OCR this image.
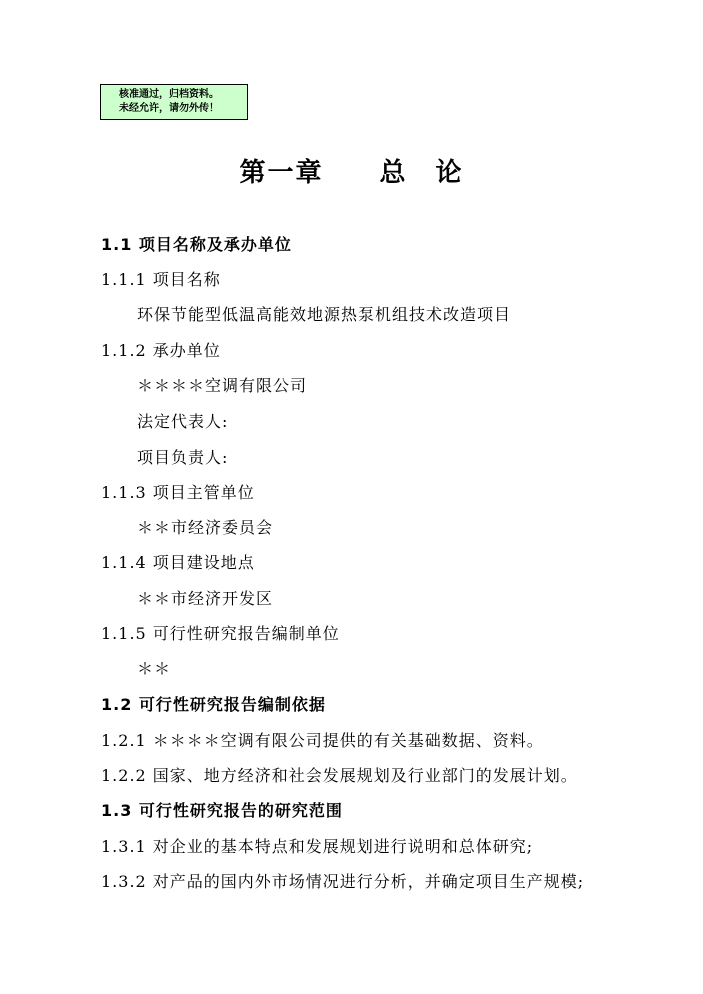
核准通过，归档资料。
未经允许，请勿外传！
第一章 总　论
1.1 项目名称及承办单位
1.1.1 项目名称
环保节能型低温高能效地源热泵机组技术改造项目
1.1.2 承办单位
＊＊＊＊空调有限公司
法定代表人:
项目负责人:
1.1.3 项目主管单位
＊＊市经济委员会
1.1.4 项目建设地点
＊＊市经济开发区
1.1.5 可行性研究报告编制单位
＊＊
1.2 可行性研究报告编制依据
1.2.1 ＊＊＊＊空调有限公司提供的有关基础数据、资料。
1.2.2 国家、地方经济和社会发展规划及行业部门的发展计划。
1.3 可行性研究报告的研究范围
1.3.1 对企业的基本特点和发展规划进行说明和总体研究;
1.3.2 对产品的国内外市场情况进行分析，并确定项目生产规模;
